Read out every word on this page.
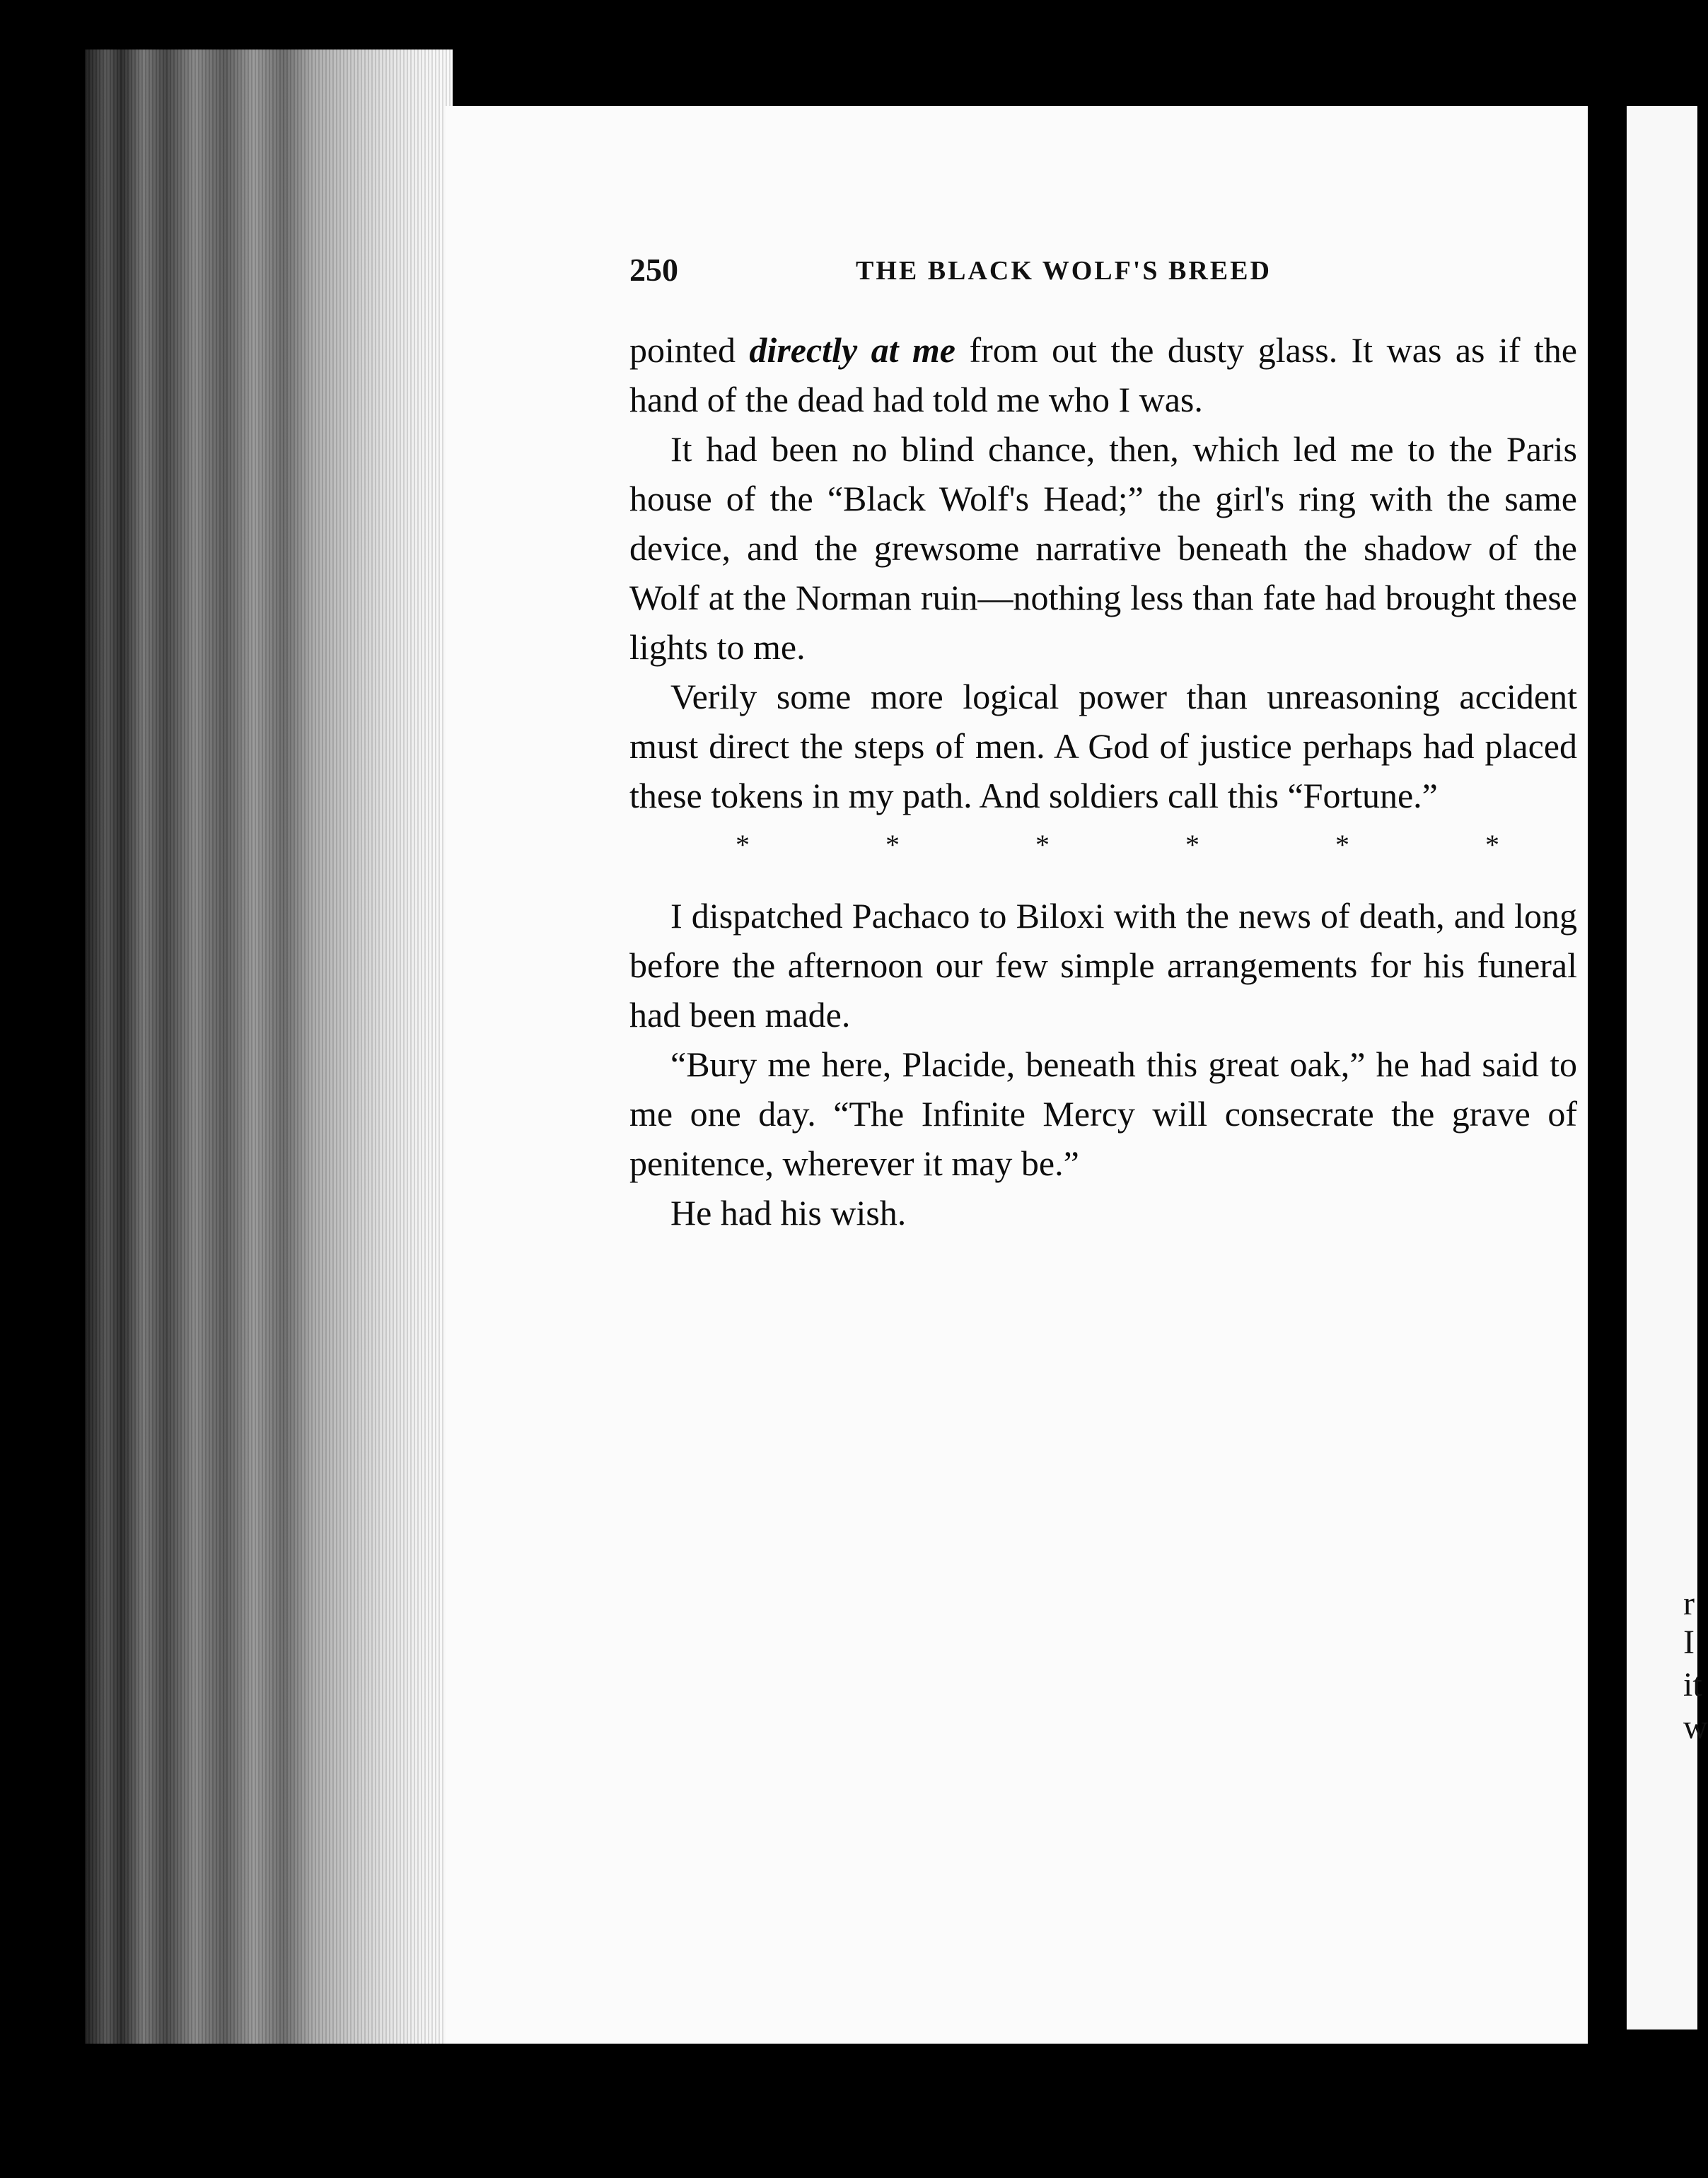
r
I
it
w
250	THE BLACK WOLF'S BREED

pointed directly at me from out the dusty glass. It was as if the hand of the dead had told me who I was.

It had been no blind chance, then, which led me to the Paris house of the “Black Wolf's Head;” the girl's ring with the same device, and the grewsome narrative beneath the shadow of the Wolf at the Norman ruin—nothing less than fate had brought these lights to me.

Verily some more logical power than unreasoning accident must direct the steps of men. A God of justice perhaps had placed these tokens in my path. And soldiers call this “Fortune.”

*	*	*	*	*	*

I dispatched Pachaco to Biloxi with the news of death, and long before the afternoon our few simple arrangements for his funeral had been made.

“Bury me here, Placide, beneath this great oak,” he had said to me one day. “The Infinite Mercy will consecrate the grave of penitence, wherever it may be.”

He had his wish.
